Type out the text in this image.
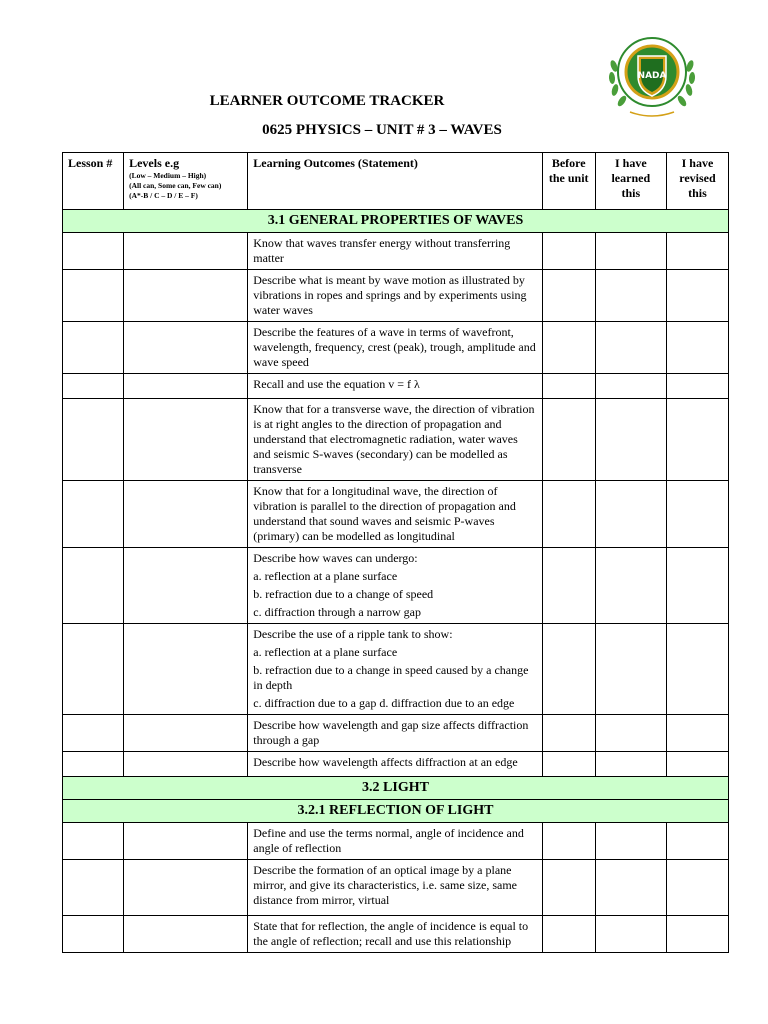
NADA
LEARNER OUTCOME TRACKER
0625 PHYSICS – UNIT # 3 – WAVES
Lesson #	Levels e.g
(Low – Medium – High)
(All can, Some can, Few can)
(A*-B / C – D / E – F)	Learning Outcomes (Statement)	Before the unit	I have learned this	I have revised this
3.1 GENERAL PROPERTIES OF WAVES					

		Know that waves transfer energy without transferring matter			

		Describe what is meant by wave motion as illustrated by vibrations in ropes and springs and by experiments using water waves			

		Describe the features of a wave in terms of wavefront, wavelength, frequency, crest (peak), trough, amplitude and wave speed			

		Recall and use the equation v = f λ			

		Know that for a transverse wave, the direction of vibration is at right angles to the direction of propagation and understand that electromagnetic radiation, water waves and seismic S-waves (secondary) can be modelled as transverse			

		Know that for a longitudinal wave, the direction of vibration is parallel to the direction of propagation and understand that sound waves and seismic P-waves (primary) can be modelled as longitudinal			

		Describe how waves can undergo:
a. reflection at a plane surface
b. refraction due to a change of speed
c. diffraction through a narrow gap			

		Describe the use of a ripple tank to show:
a. reflection at a plane surface
b. refraction due to a change in speed caused by a change in depth
c. diffraction due to a gap d. diffraction due to an edge			

		Describe how wavelength and gap size affects diffraction through a gap			

		Describe how wavelength affects diffraction at an edge			

3.2 LIGHT					
3.2.1 REFLECTION OF LIGHT					

		Define and use the terms normal, angle of incidence and angle of reflection			

		Describe the formation of an optical image by a plane mirror, and give its characteristics, i.e. same size, same distance from mirror, virtual			

		State that for reflection, the angle of incidence is equal to the angle of reflection; recall and use this relationship			
